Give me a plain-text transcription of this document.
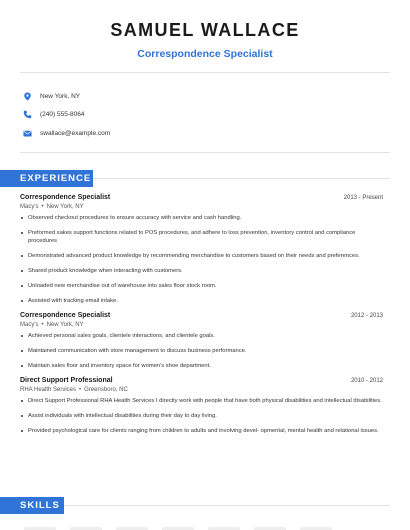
SAMUEL WALLACE
Correspondence Specialist
New York, NY
(240) 555-8064
swallace@example.com
EXPERIENCE
Correspondence Specialist	2013 - Present
Macy's • New York, NY
Observed checkout procedures to ensure accuracy with service and cash handling.
Preformed sakes support functions related to POS procedures, and adhere to loss prevention, inventory control and compliance procedures
Demonstrated advanced product knowledge by recommending merchandise to customers based on their needs and preferences.
Shared product knowledge when interacting with customers.
Unloaded new merchandise out of warehouse into sales floor stock room.
Assisted with tracking email intake.
Correspondence Specialist	2012 - 2013
Macy's • New York, NY
Achieved personal sales goals, clientele interactions, and clientele goals.
Maintained communication with store management to discuss business performance.
Maintain sales floor and inventory space for women's shoe department.
Direct Support Professional	2010 - 2012
RHA Health Services • Greensboro, NC
Direct Support Professional RHA Health Services I directly work with people that have both physical disabilities and intellectual disabilities.
Assist individuals with intellectual disabilities during their day to day living.
Provided psychological care for clients ranging from children to adults and involving devel- opmental, mental health and relational issues.
SKILLS
